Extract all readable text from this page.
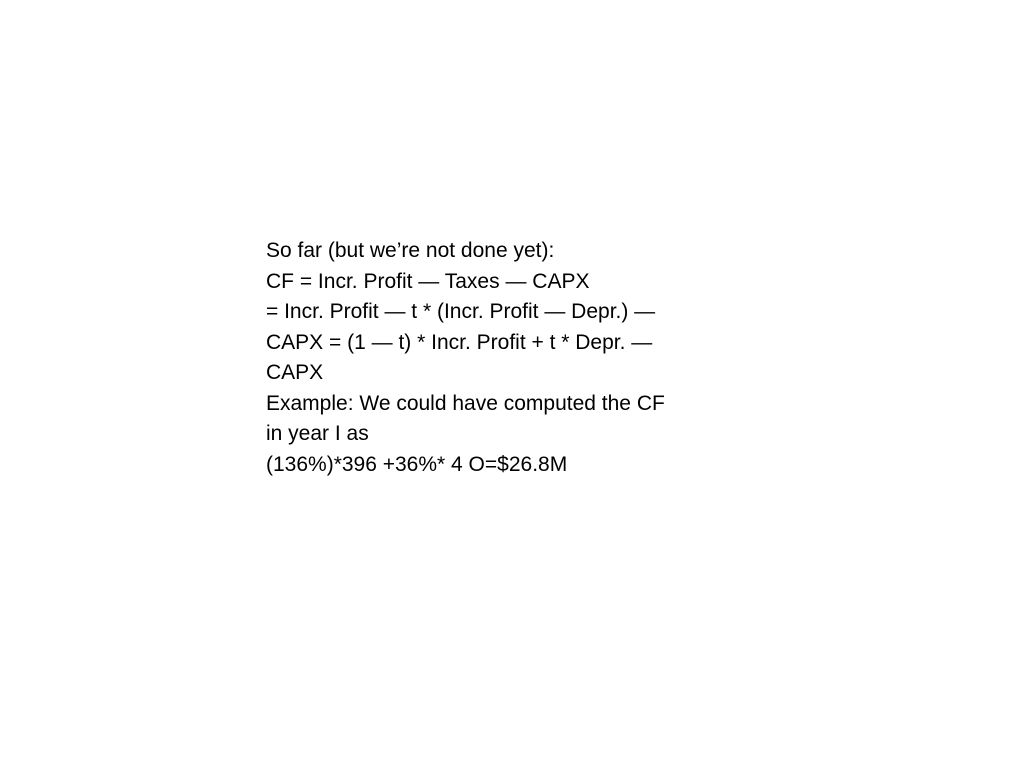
So far (but we’re not done yet):
CF = Incr. Profit — Taxes — CAPX
= Incr. Profit — t * (Incr. Profit — Depr.) —
CAPX = (1 — t) * Incr. Profit + t * Depr. —
CAPX
Example: We could have computed the CF
in year I as
(136%)*396 +36%* 4 O=$26.8M
